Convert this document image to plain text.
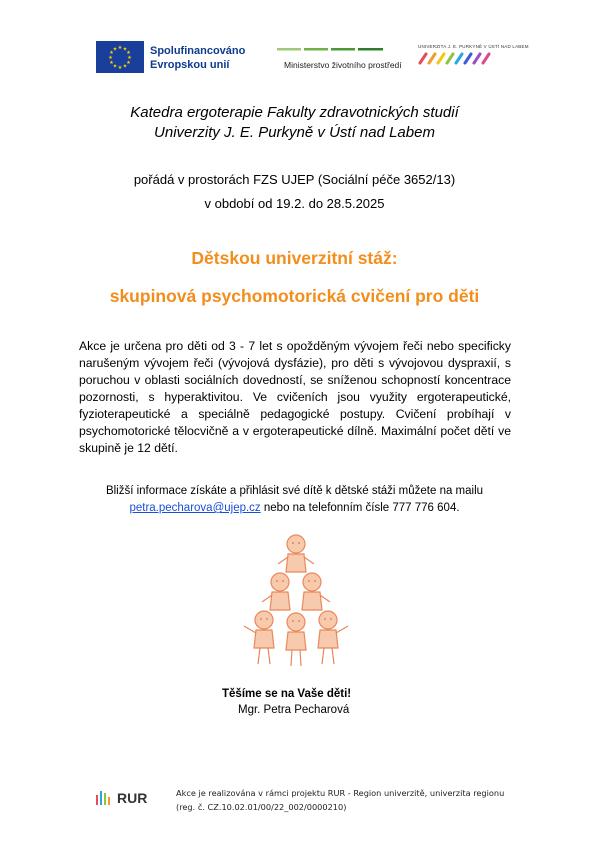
★ ★
★
★
★
★
★
★
★
★
★
★	Spolufinancováno
Evropskou unií	Ministerstvo životního prostředí
UNIVERZITA J. E. PURKYNĚ V ÚSTÍ NAD LABEM
Katedra ergoterapie Fakulty zdravotnických studií
Univerzity J. E. Purkyně v Ústí nad Labem
pořádá v prostorách FZS UJEP (Sociální péče 3652/13)
v období od 19.2. do 28.5.2025
Dětskou univerzitní stáž:
skupinová psychomotorická cvičení pro děti
Akce je určena pro děti od 3 - 7 let s opožděným vývojem řeči nebo specificky narušeným vývojem řeči (vývojová dysfázie), pro děti s vývojovou dyspraxií, s poruchou v oblasti sociálních dovedností, se sníženou schopností koncentrace pozornosti, s hyperaktivitou. Ve cvičeních jsou využity ergoterapeutické, fyzioterapeutické a speciálně pedagogické postupy. Cvičení probíhají v psychomotorické tělocvičně a v ergoterapeutické dílně. Maximální počet dětí ve skupině je 12 dětí.
Bližší informace získáte a přihlásit své dítě k dětské stáži můžete na mailu
petra.pecharova@ujep.cz nebo na telefonním čísle 777 776 604.
Těšíme se na Vaše děti!
Mgr. Petra Pecharová
RUR	Akce je realizována v rámci projektu RUR - Region univerzitě, univerzita regionu
(reg. č. CZ.10.02.01/00/22_002/0000210)
